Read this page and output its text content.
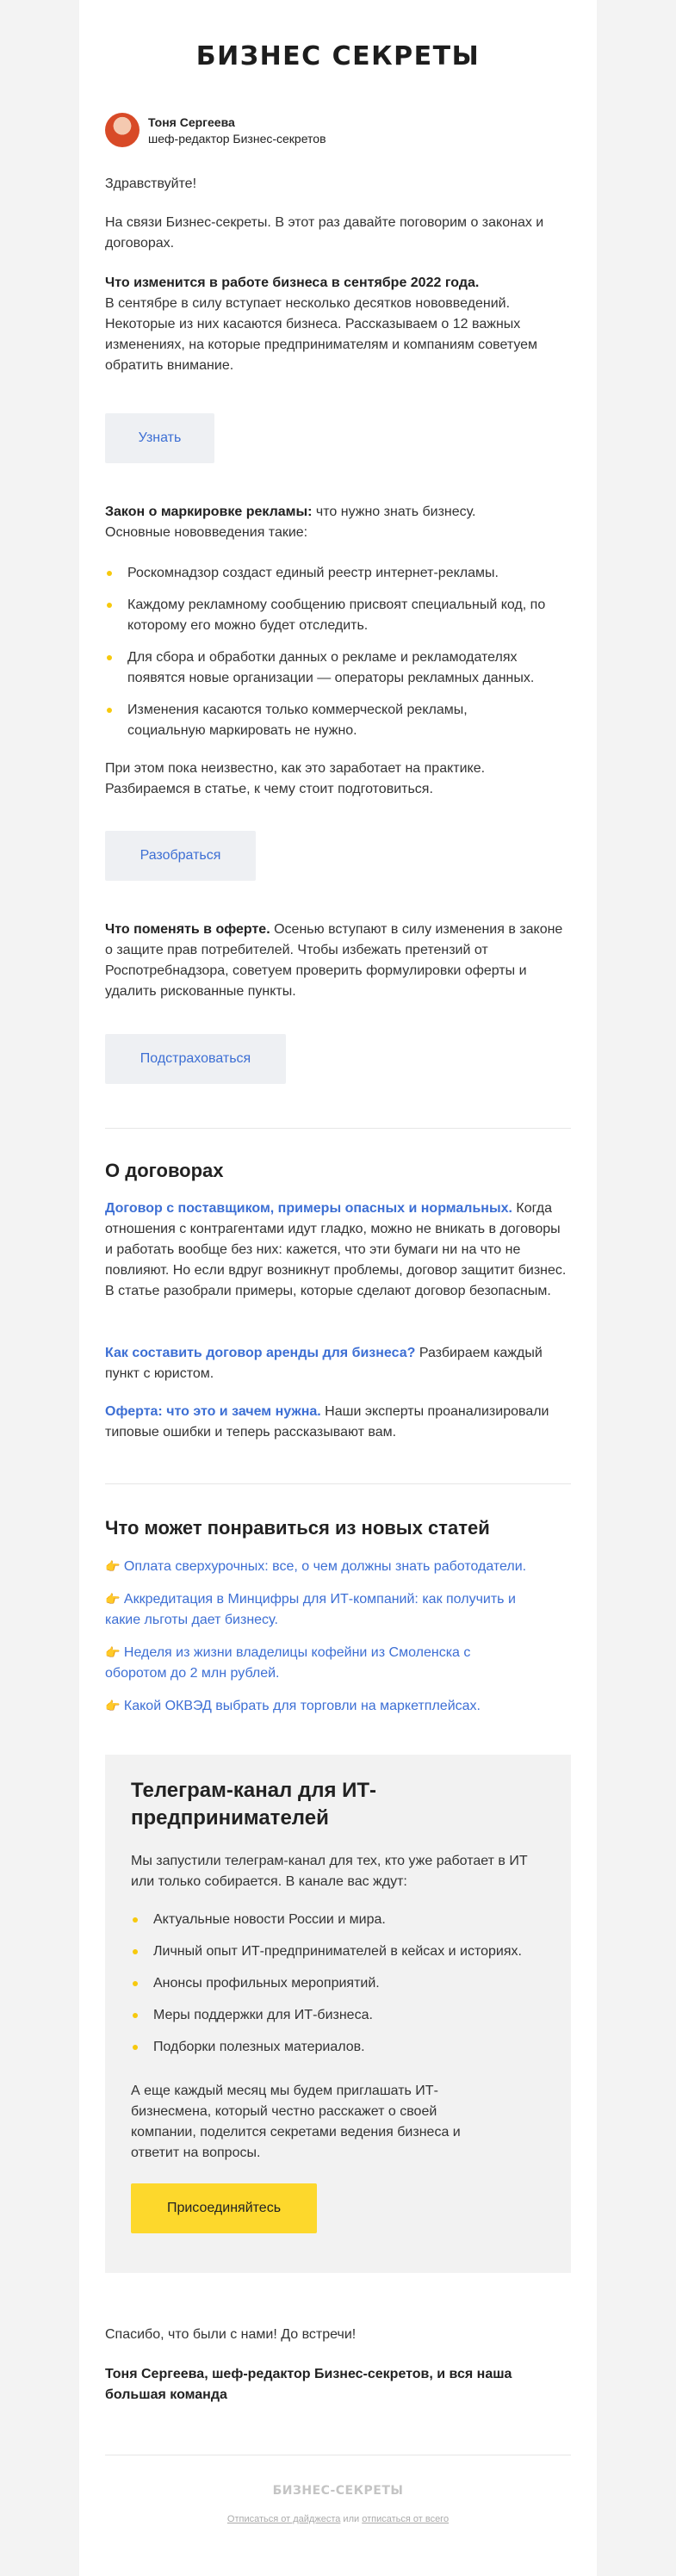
БИЗНЕС СЕКРЕТЫ
Тоня Сергеева
шеф-редактор Бизнес-секретов

Здравствуйте!

На связи Бизнес-секреты. В этот раз давайте поговорим о законах и договорах.

Что изменится в работе бизнеса в сентябре 2022 года.

В сентябре в силу вступает несколько десятков нововведений. Некоторые из них касаются бизнеса. Рассказываем о 12 важных изменениях, на которые предпринимателям и компаниям советуем обратить внимание.

Узнать

Закон о маркировке рекламы: что нужно знать бизнесу. Основные нововведения такие:

Роскомнадзор создаст единый реестр интернет-рекламы.
Каждому рекламному сообщению присвоят специальный код, по которому его можно будет отследить.
Для сбора и обработки данных о рекламе и рекламодателях появятся новые организации — операторы рекламных данных.
Изменения касаются только коммерческой рекламы, социальную маркировать не нужно.

При этом пока неизвестно, как это заработает на практике. Разбираемся в статье, к чему стоит подготовиться.

Разобраться

Что поменять в оферте. Осенью вступают в силу изменения в законе о защите прав потребителей. Чтобы избежать претензий от Роспотребнадзора, советуем проверить формулировки оферты и удалить рискованные пункты.

Подстраховаться
О договорах

Договор с поставщиком, примеры опасных и нормальных. Когда отношения с контрагентами идут гладко, можно не вникать в договоры и работать вообще без них: кажется, что эти бумаги ни на что не повлияют. Но если вдруг возникнут проблемы, договор защитит бизнес. В статье разобрали примеры, которые сделают договор безопасным.

Как составить договор аренды для бизнеса? Разбираем каждый пункт с юристом.

Оферта: что это и зачем нужна. Наши эксперты проанализировали типовые ошибки и теперь рассказывают вам.

Что может понравиться из новых статей
👉 Оплата сверхурочных: все, о чем должны знать работодатели.
👉 Аккредитация в Минцифры для ИТ-компаний: как получить и какие льготы дает бизнесу.
👉 Неделя из жизни владелицы кофейни из Смоленска с оборотом до 2 млн рублей.
👉 Какой ОКВЭД выбрать для торговли на маркетплейсах.
Телеграм-канал для ИТ-предпринимателей

Мы запустили телеграм-канал для тех, кто уже работает в ИТ или только собирается. В канале вас ждут:

Актуальные новости России и мира.
Личный опыт ИТ-предпринимателей в кейсах и историях.
Анонсы профильных мероприятий.
Меры поддержки для ИТ-бизнеса.
Подборки полезных материалов.

А еще каждый месяц мы будем приглашать ИТ-бизнесмена, который честно расскажет о своей компании, поделится секретами ведения бизнеса и ответит на вопросы.

Присоединяйтесь

Спасибо, что были с нами! До встречи!

Тоня Сергеева, шеф-редактор Бизнес-секретов, и вся наша большая команда

БИЗНЕС-СЕКРЕТЫ
Отписаться от дайджеста или отписаться от всего
